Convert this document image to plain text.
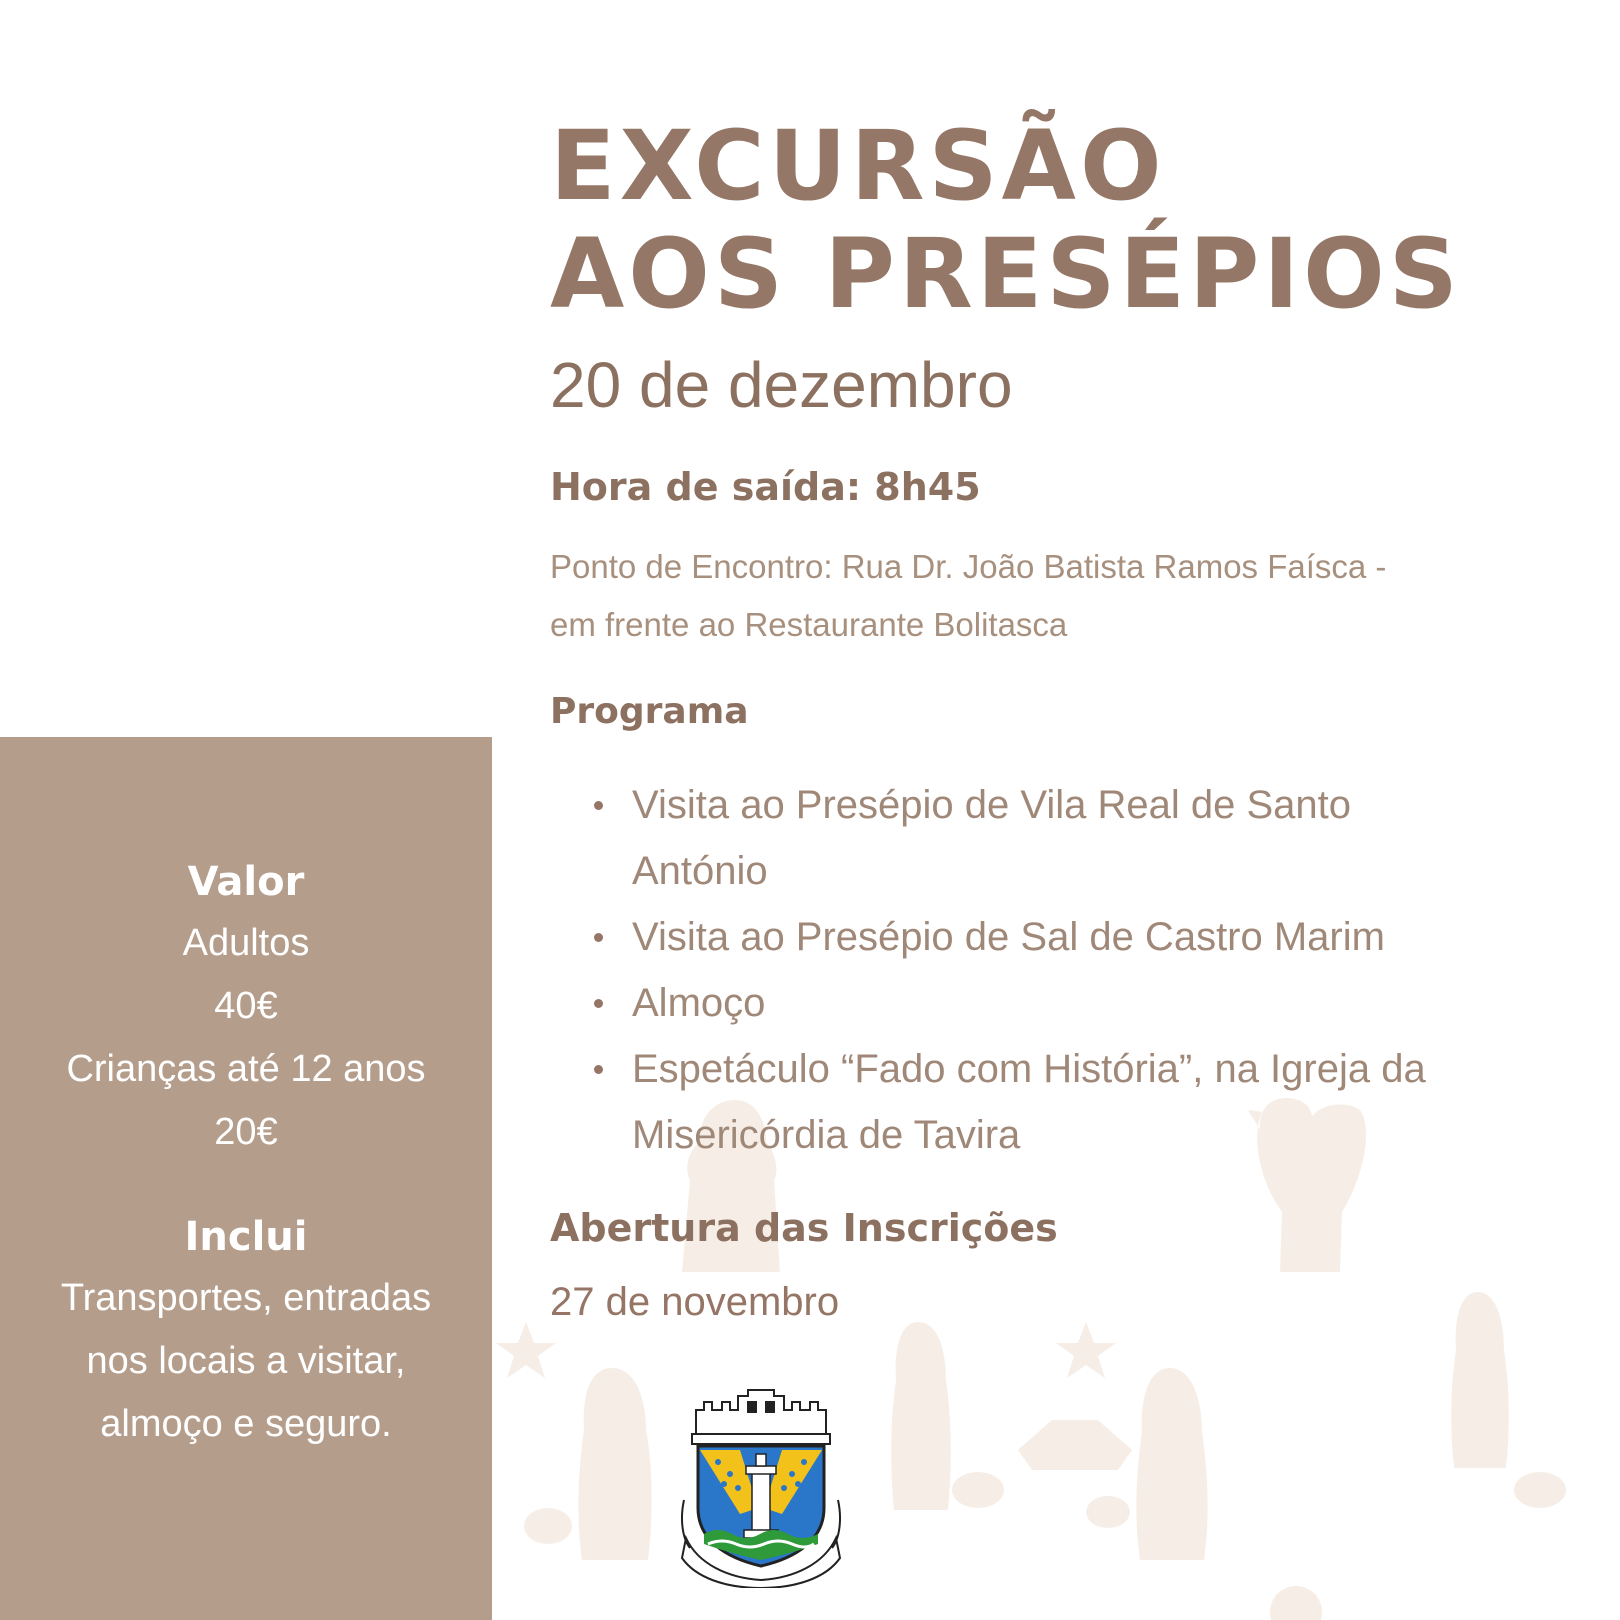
Valor
Adultos
40€
Crianças até 12 anos
20€
Inclui
Transportes, entradas
nos locais a visitar,
almoço e seguro.
EXCURSÃO
AOS PRESÉPIOS
20 de dezembro
Hora de saída: 8h45
Ponto de Encontro: Rua Dr. João Batista Ramos Faísca -
em frente ao Restaurante Bolitasca
Programa
Visita ao Presépio de Vila Real de Santo
António
Visita ao Presépio de Sal de Castro Marim
Almoço
Espetáculo “Fado com História”, na Igreja da
Misericórdia de Tavira
Abertura das Inscrições
27 de novembro
